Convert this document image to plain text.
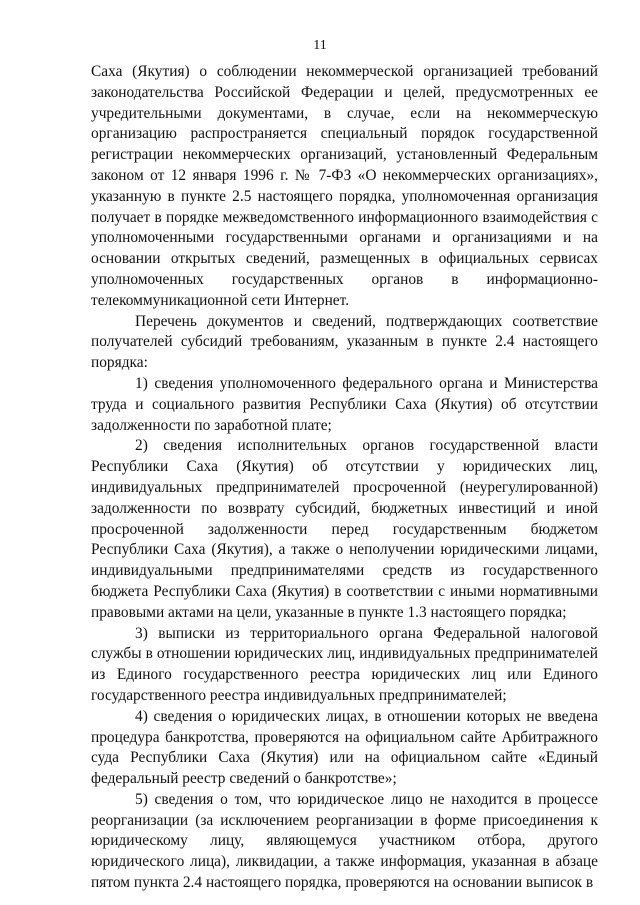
11

Саха (Якутия) о соблюдении некоммерческой организацией требований законодательства Российской Федерации и целей, предусмотренных ее учредительными документами, в случае, если на некоммерческую организацию распространяется специальный порядок государственной регистрации некоммерческих организаций, установленный Федеральным законом от 12 января 1996 г. № 7-ФЗ «О некоммерческих организациях», указанную в пункте 2.5 настоящего порядка, уполномоченная организация получает в порядке межведомственного информационного взаимодействия с уполномоченными государственными органами и организациями и на основании открытых сведений, размещенных в официальных сервисах уполномоченных государственных органов в информационно-телекоммуникационной сети Интернет.

Перечень документов и сведений, подтверждающих соответствие получателей субсидий требованиям, указанным в пункте 2.4 настоящего порядка:

1) сведения уполномоченного федерального органа и Министерства труда и социального развития Республики Саха (Якутия) об отсутствии задолженности по заработной плате;

2) сведения исполнительных органов государственной власти Республики Саха (Якутия) об отсутствии у юридических лиц, индивидуальных предпринимателей просроченной (неурегулированной) задолженности по возврату субсидий, бюджетных инвестиций и иной просроченной задолженности перед государственным бюджетом Республики Саха (Якутия), а также о неполучении юридическими лицами, индивидуальными предпринимателями средств из государственного бюджета Республики Саха (Якутия) в соответствии с иными нормативными правовыми актами на цели, указанные в пункте 1.3 настоящего порядка;

3) выписки из территориального органа Федеральной налоговой службы в отношении юридических лиц, индивидуальных предпринимателей из Единого государственного реестра юридических лиц или Единого государственного реестра индивидуальных предпринимателей;

4) сведения о юридических лицах, в отношении которых не введена процедура банкротства, проверяются на официальном сайте Арбитражного суда Республики Саха (Якутия) или на официальном сайте «Единый федеральный реестр сведений о банкротстве»;

5) сведения о том, что юридическое лицо не находится в процессе реорганизации (за исключением реорганизации в форме присоединения к юридическому лицу, являющемуся участником отбора, другого юридического лица), ликвидации, а также информация, указанная в абзаце пятом пункта 2.4 настоящего порядка, проверяются на основании выписок в
